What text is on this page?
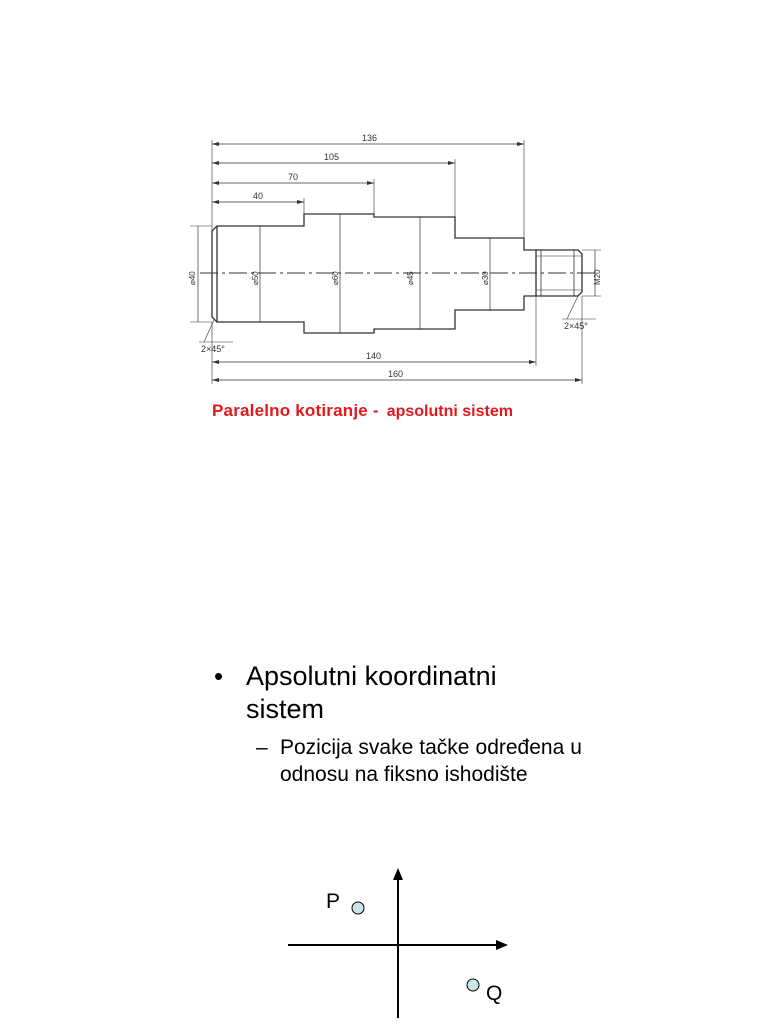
136
105
70
40
140
160
2×45°
2×45°
⌀40	⌀50	⌀60	⌀45	⌀30	M20
Paralelno kotiranje - apsolutni sistem
• Apsolutni koordinatni sistem
– Pozicija svake tačke određena u odnosu na fiksno ishodište
P
Q
